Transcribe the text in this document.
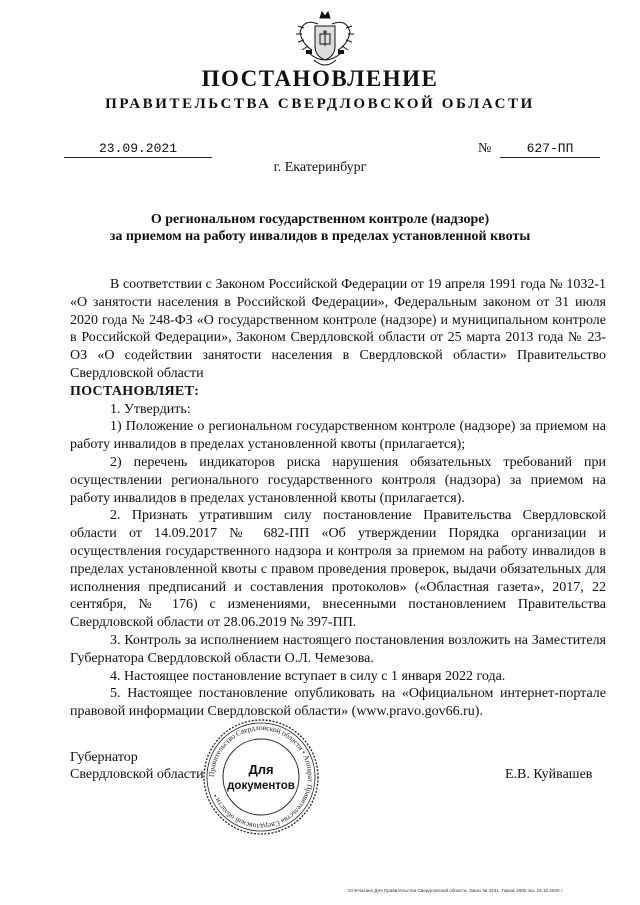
ПОСТАНОВЛЕНИЕ
ПРАВИТЕЛЬСТВА СВЕРДЛОВСКОЙ ОБЛАСТИ
23.09.2021	№	627-ПП
г. Екатеринбург
О региональном государственном контроле (надзоре)
за приемом на работу инвалидов в пределах установленной квоты

В соответствии с Законом Российской Федерации от 19 апреля 1991 года № 1032-1 «О занятости населения в Российской Федерации», Федеральным законом от 31 июля 2020 года № 248-ФЗ «О государственном контроле (надзоре) и муниципальном контроле в Российской Федерации», Законом Свердловской области от 25 марта 2013 года № 23-ОЗ «О содействии занятости населения в Свердловской области» Правительство Свердловской области

ПОСТАНОВЛЯЕТ:

1. Утвердить:

1) Положение о региональном государственном контроле (надзоре) за приемом на работу инвалидов в пределах установленной квоты (прилагается);

2) перечень индикаторов риска нарушения обязательных требований при осуществлении регионального государственного контроля (надзора) за приемом на работу инвалидов в пределах установленной квоты (прилагается).

2. Признать утратившим силу постановление Правительства Свердловской области от 14.09.2017 № 682-ПП «Об утверждении Порядка организации и осуществления государственного надзора и контроля за приемом на работу инвалидов в пределах установленной квоты с правом проведения проверок, выдачи обязательных для исполнения предписаний и составления протоколов» («Областная газета», 2017, 22 сентября, № 176) с изменениями, внесенными постановлением Правительства Свердловской области от 28.06.2019 № 397-ПП.

3. Контроль за исполнением настоящего постановления возложить на Заместителя Губернатора Свердловской области О.Л. Чемезова.

4. Настоящее постановление вступает в силу с 1 января 2022 года.

5. Настоящее постановление опубликовать на «Официальном интернет-портале правовой информации Свердловской области» (www.pravo.gov66.ru).

Губернатор
Свердловской области	Е.В. Куйвашев
Правительство Свердловской области • Аппарат Правительства Свердловской области •
Для
документов
Отпечатано Для Правительства Свердловской области. Заказ № 4231. Тираж 1800 экз. 16.10.2020 г.
